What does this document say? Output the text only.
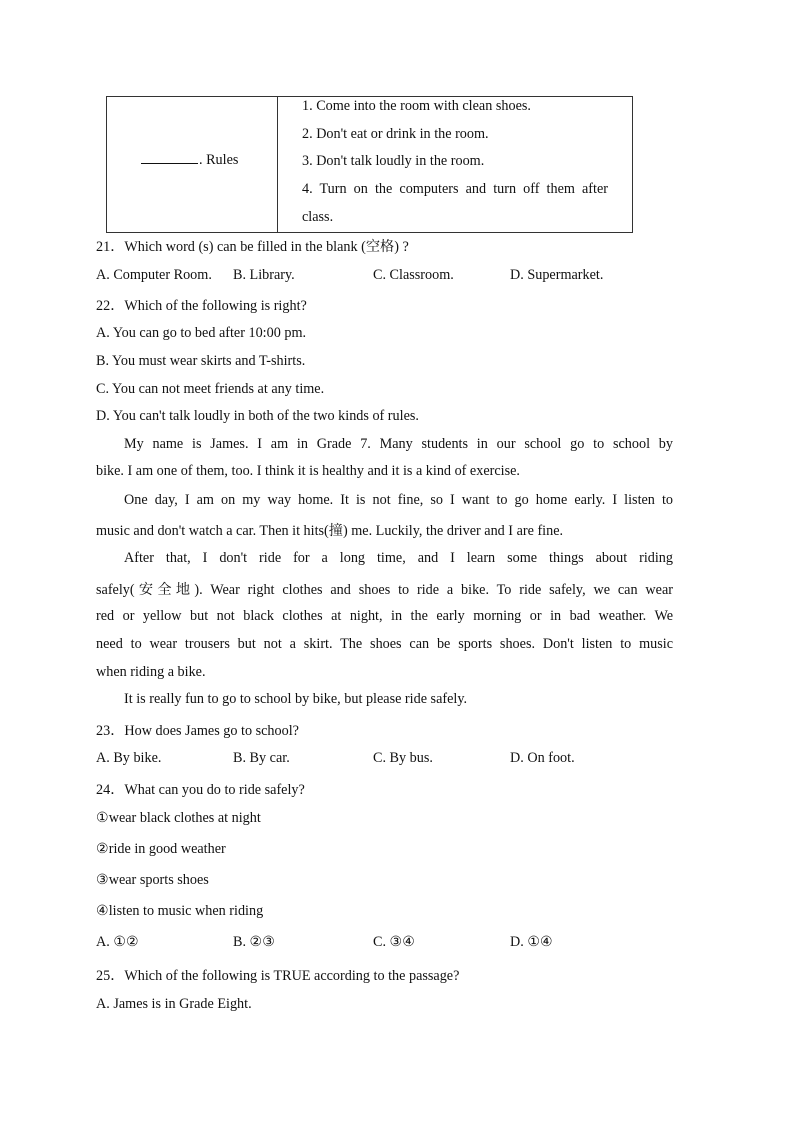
. Rules
1. Come into the room with clean shoes.
2. Don't eat or drink in the room.
3. Don't talk loudly in the room.
4. Turn on the computers and turn off them after
class.
21．Which word (s) can be filled in the blank (空格) ?
A. Computer Room. B. Library.	C. Classroom.	D. Supermarket.
22．Which of the following is right?
A. You can go to bed after 10:00 pm.
B. You must wear skirts and T-shirts.
C. You can not meet friends at any time.
D. You can't talk loudly in both of the two kinds of rules.
My name is James. I am in Grade 7. Many students in our school go to school by
bike. I am one of them, too. I think it is healthy and it is a kind of exercise.
One day, I am on my way home. It is not fine, so I want to go home early. I listen to
music and don't watch a car. Then it hits(撞) me. Luckily, the driver and I are fine.
After that, I don't ride for a long time, and I learn some things about riding
safely(安全地). Wear right clothes and shoes to ride a bike. To ride safely, we can wear
red or yellow but not black clothes at night, in the early morning or in bad weather. We
need to wear trousers but not a skirt. The shoes can be sports shoes. Don't listen to music
when riding a bike.
It is really fun to go to school by bike, but please ride safely.
23．How does James go to school?
A. By bike.	B. By car.	C. By bus.	D. On foot.
24．What can you do to ride safely?
①wear black clothes at night
②ride in good weather
③wear sports shoes
④listen to music when riding
A. ①②	B. ②③	C. ③④	D. ①④
25．Which of the following is TRUE according to the passage?
A. James is in Grade Eight.
